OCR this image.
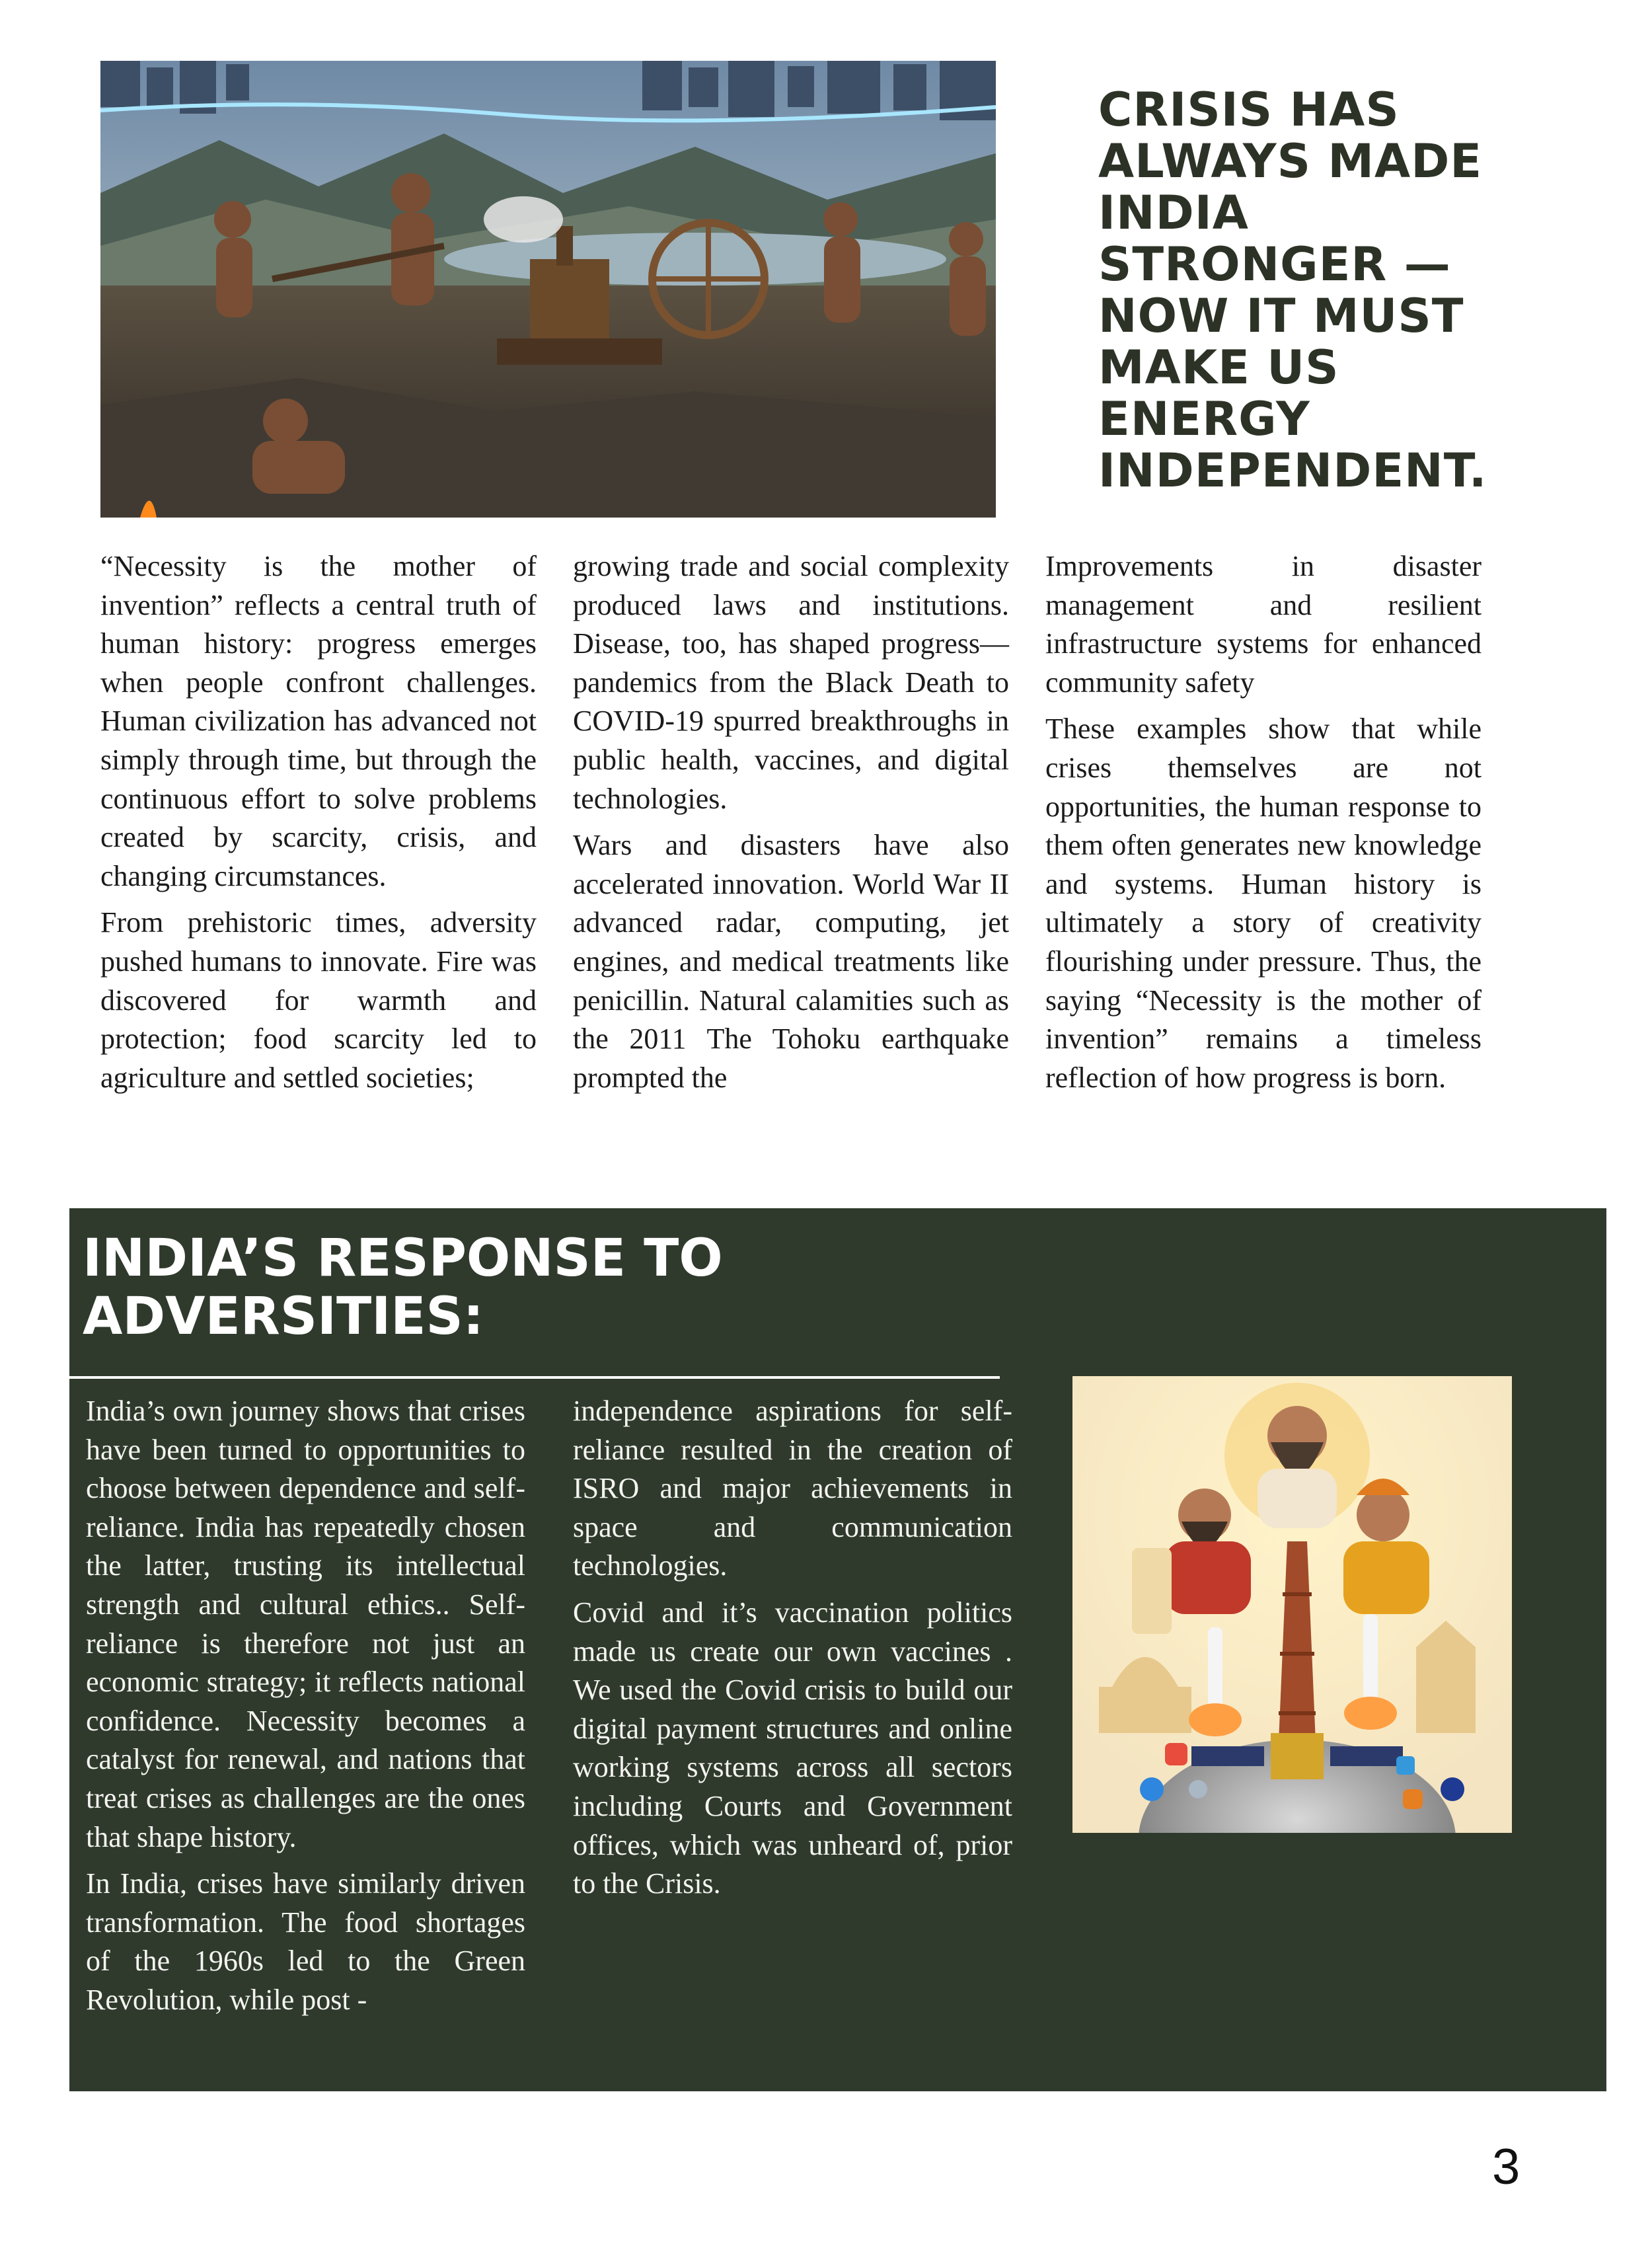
CRISIS HAS

ALWAYS MADE

INDIA

STRONGER —

NOW IT MUST

MAKE US

ENERGY

INDEPENDENT.

“Necessity is the mother of invention” reflects a central truth of human history: progress emerges when people confront challenges. Human civilization has advanced not simply through time, but through the continuous effort to solve problems created by scarcity, crisis, and changing circumstances.

From prehistoric times, adversity pushed humans to innovate. Fire was discovered for warmth and protection; food scarcity led to agriculture and settled societies;

growing trade and social complexity produced laws and institutions. Disease, too, has shaped progress—pandemics from the Black Death to COVID-19 spurred breakthroughs in public health, vaccines, and digital technologies.

Wars and disasters have also accelerated innovation. World War II advanced radar, computing, jet engines, and medical treatments like penicillin. Natural calamities such as the 2011 The Tohoku earthquake prompted the

Improvements in disaster management and resilient infrastructure systems for enhanced community safety

These examples show that while crises themselves are not opportunities, the human response to them often generates new knowledge and systems. Human history is ultimately a story of creativity flourishing under pressure. Thus, the saying “Necessity is the mother of invention” remains a timeless reflection of how progress is born.

INDIA’S RESPONSE TO

ADVERSITIES:

India’s own journey shows that crises have been turned to opportunities to choose between dependence and self-reliance. India has repeatedly chosen the latter, trusting its intellectual strength and cultural ethics.. Self-reliance is therefore not just an economic strategy; it reflects national confidence. Necessity becomes a catalyst for renewal, and nations that treat crises as challenges are the ones that shape history.

In India, crises have similarly driven transformation. The food shortages of the 1960s led to the Green Revolution, while post -

independence aspirations for self-reliance resulted in the creation of ISRO and major achievements in space and communication technologies.

Covid and it’s vaccination politics made us create our own vaccines . We used the Covid crisis to build our digital payment structures and online working systems across all sectors including Courts and Government offices, which was unheard of, prior to the Crisis.

3
